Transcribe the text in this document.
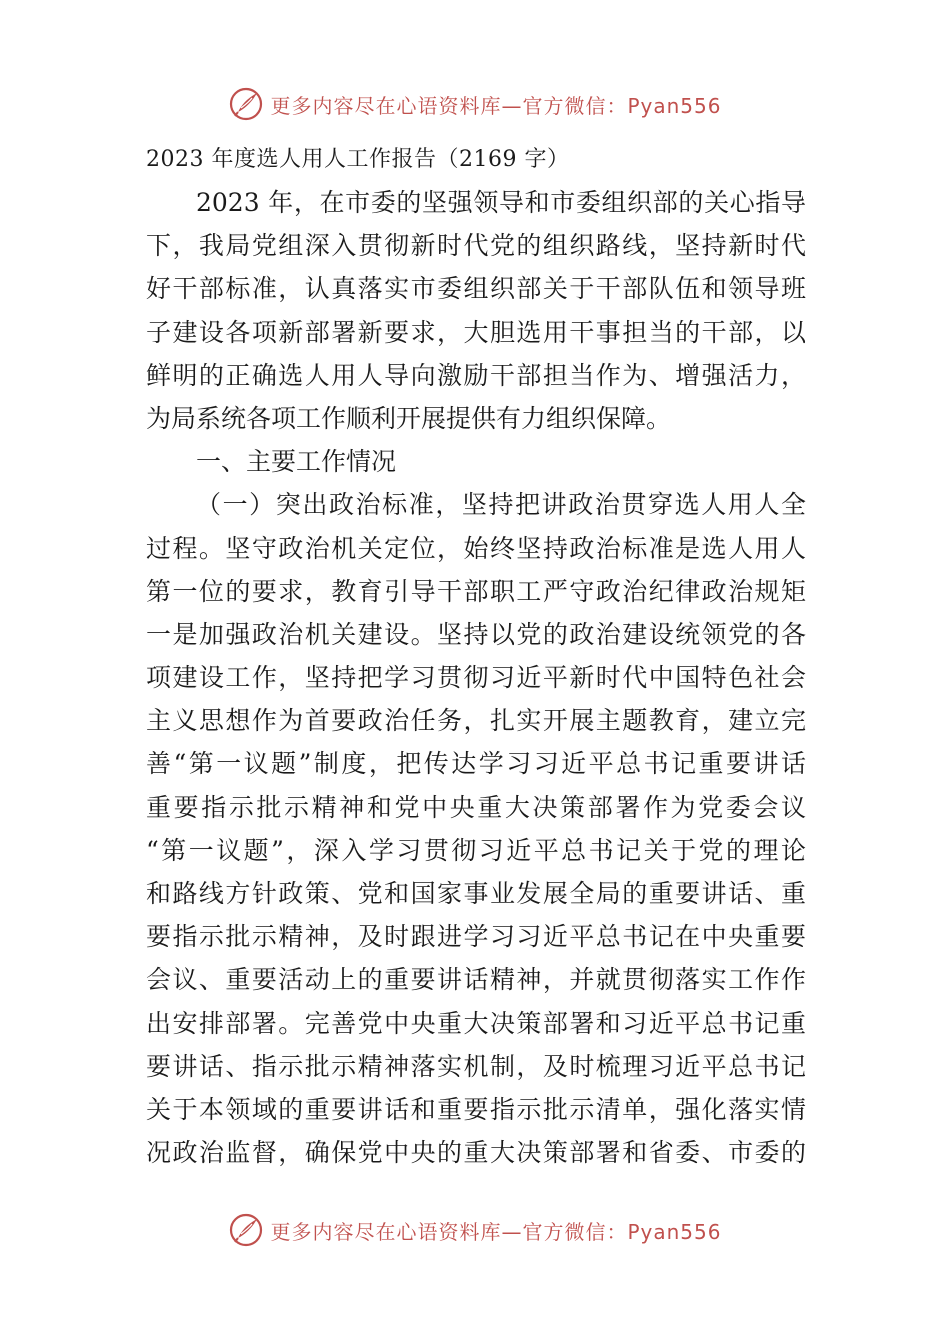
更多内容尽在心语资料库—官方微信：Pyan556
2023 年度选人用人工作报告（2169 字）
2023 年，在市委的坚强领导和市委组织部的关心指导
下，我局党组深入贯彻新时代党的组织路线，坚持新时代
好干部标准，认真落实市委组织部关于干部队伍和领导班
子建设各项新部署新要求，大胆选用干事担当的干部，以
鲜明的正确选人用人导向激励干部担当作为、增强活力，
为局系统各项工作顺利开展提供有力组织保障。
一、主要工作情况
（一）突出政治标准，坚持把讲政治贯穿选人用人全
过程。坚守政治机关定位，始终坚持政治标准是选人用人
第一位的要求，教育引导干部职工严守政治纪律政治规矩
一是加强政治机关建设。坚持以党的政治建设统领党的各
项建设工作，坚持把学习贯彻习近平新时代中国特色社会
主义思想作为首要政治任务，扎实开展主题教育，建立完
善“第一议题”制度，把传达学习习近平总书记重要讲话
重要指示批示精神和党中央重大决策部署作为党委会议
“第一议题”，深入学习贯彻习近平总书记关于党的理论
和路线方针政策、党和国家事业发展全局的重要讲话、重
要指示批示精神，及时跟进学习习近平总书记在中央重要
会议、重要活动上的重要讲话精神，并就贯彻落实工作作
出安排部署。完善党中央重大决策部署和习近平总书记重
要讲话、指示批示精神落实机制，及时梳理习近平总书记
关于本领域的重要讲话和重要指示批示清单，强化落实情
况政治监督，确保党中央的重大决策部署和省委、市委的
更多内容尽在心语资料库—官方微信：Pyan556
